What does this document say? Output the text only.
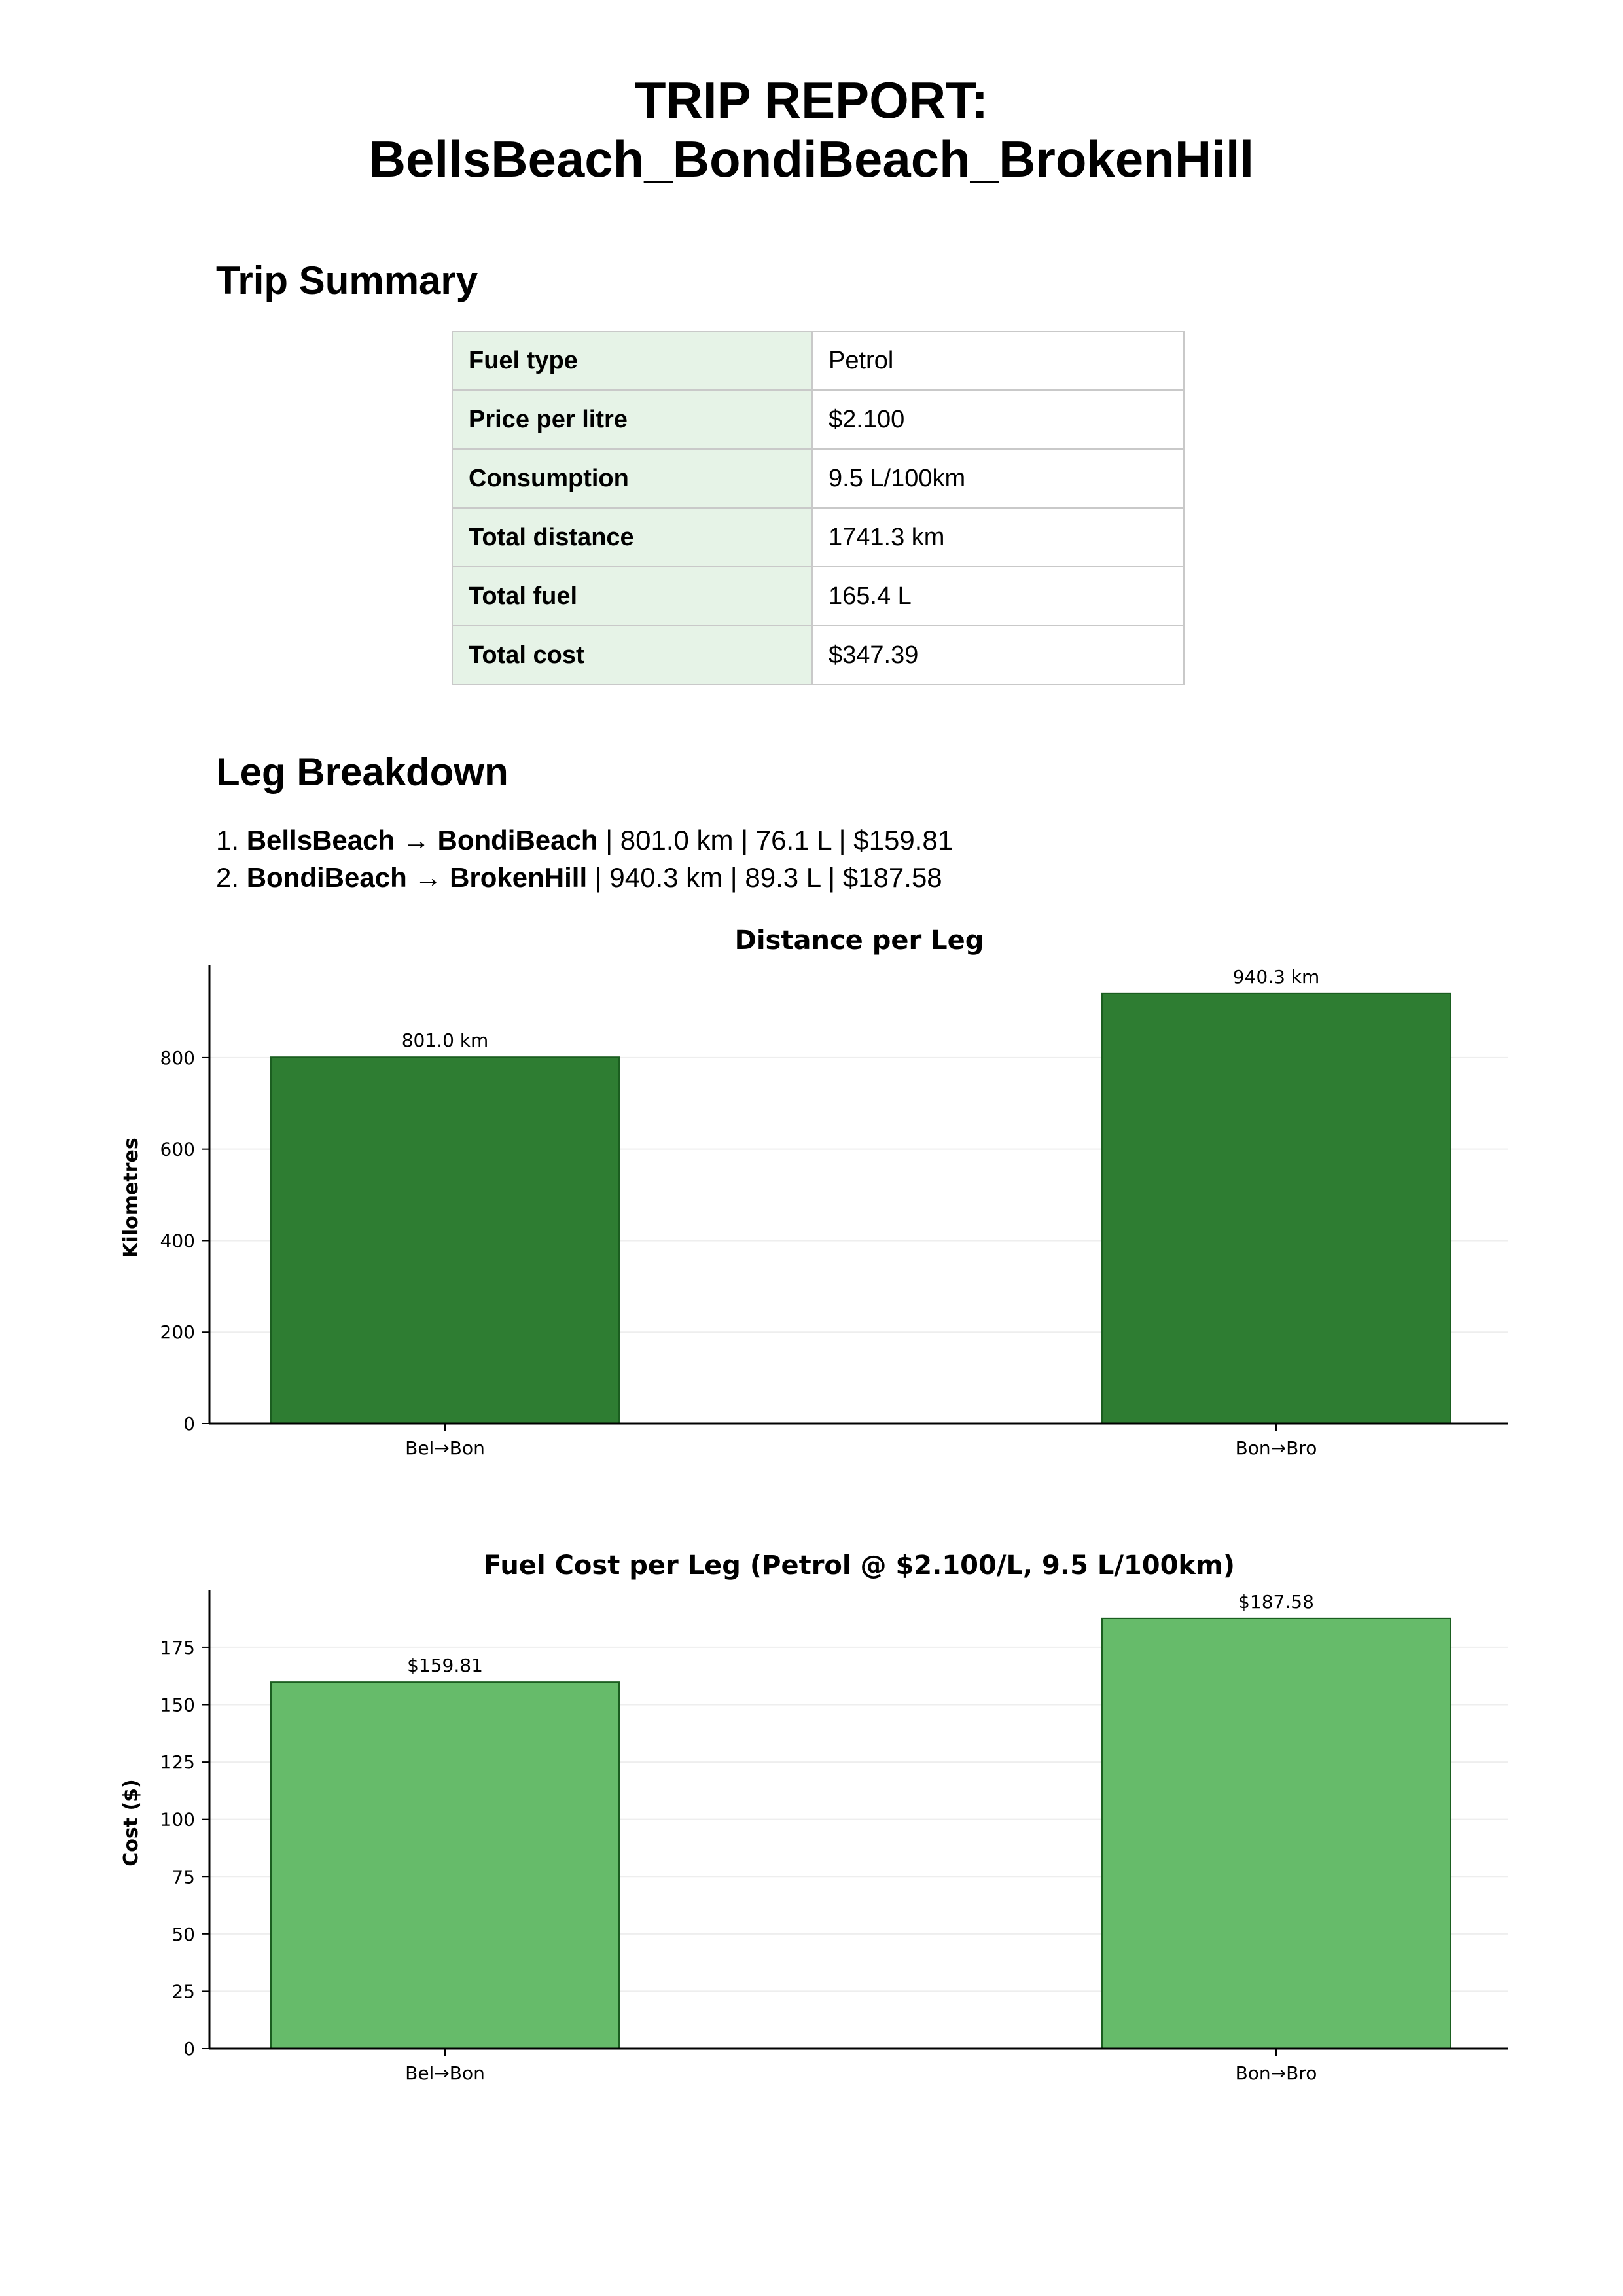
TRIP REPORT:
BellsBeach_BondiBeach_BrokenHill
Trip Summary
Fuel type	Petrol
Price per litre	$2.100
Consumption	9.5 L/100km
Total distance	1741.3 km
Total fuel	165.4 L
Total cost	$347.39
Leg Breakdown
1. BellsBeach → BondiBeach | 801.0 km | 76.1 L | $159.81
2. BondiBeach → BrokenHill | 940.3 km | 89.3 L | $187.58
Distance per Leg
0
200
400
600
800
801.0 km
Bel→Bon
940.3 km
Bon→Bro
Kilometres
Fuel Cost per Leg (Petrol @ $2.100/L, 9.5 L/100km)
0
25
50
75
100
125
150
175
$159.81
Bel→Bon
$187.58
Bon→Bro
Cost ($)
